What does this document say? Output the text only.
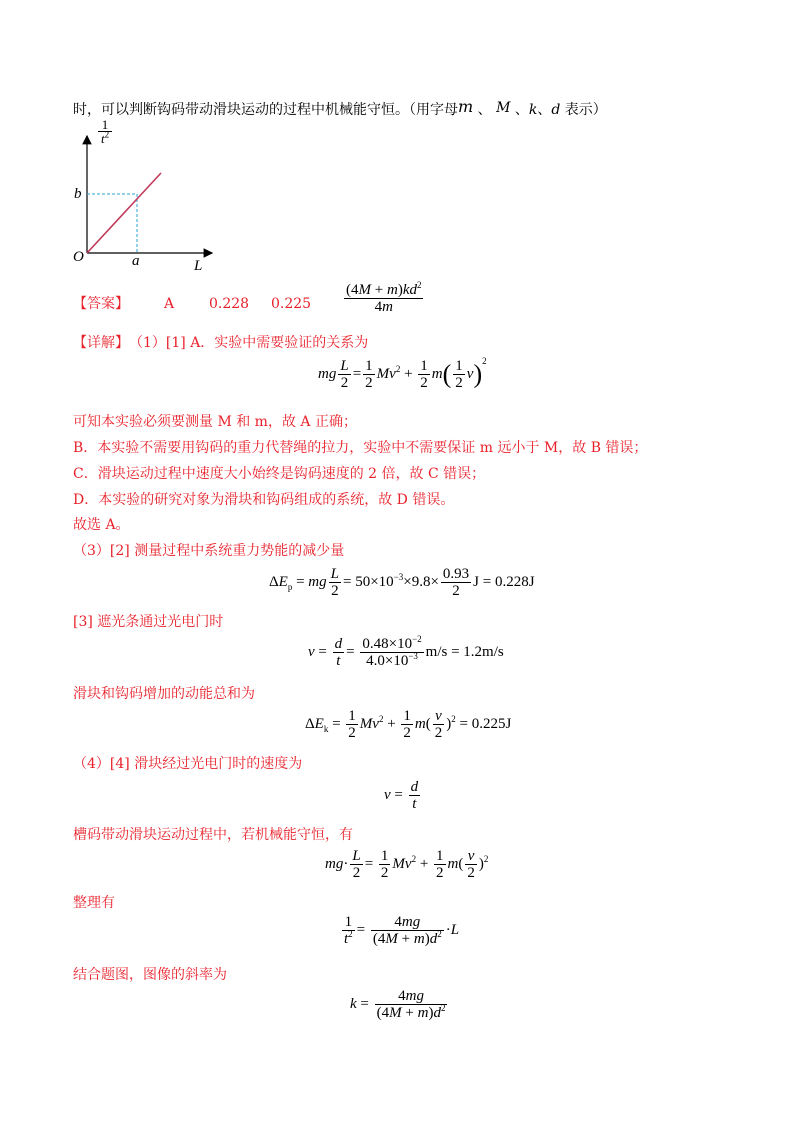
时，可以判断钩码带动滑块运动的过程中机械能守恒。（用字母m 、 M 、k、d 表示）
1
$t^2$
b
O	a	L
【答案】	A 0.228 $0.225 \frac{(4M + m)kd^2}{4m}$
【详解】 （1）[1] A．实验中需要验证的关系为
mg $\frac{L}{2} = \frac{1}{2} Mv^2 + \frac{1}{2} m( \frac{1}{2} v)^2$
可知本实验必须要测量 M 和 m，故 A 正确；
B．本实验不需要用钩码的重力代替绳的拉力，实验中不需要保证 m 远小于 M，故 B 错误；
C．滑块运动过程中速度大小始终是钩码速度的 2 倍，故 C 错误；
D．本实验的研究对象为滑块和钩码组成的系统，故 D 错误。
故选 A。
（3）[2] 测量过程中系统重力势能的减少量
$\Delta E_p$ = mg $\frac{L}{2} = 50\times 10^{-3}\times 9.8\times \frac{0.93}{2}$ J = 0.228J
[3] 遮光条通过光电门时
$v = \frac{d}{t} = \frac{0.48\times 10^{-2}}{4.0\times 10^{-3}} m/s = 1.2m/s$
滑块和钩码增加的动能总和为
$\Delta E_k = \frac{1}{2} Mv^2 + \frac{1}{2} m( \frac{v}{2} )^2 = 0.225J$
（4）[4] 滑块经过光电门时的速度为
$v = \frac{d}{t}$
槽码带动滑块运动过程中，若机械能守恒，有
$mg\cdot \frac{L}{2} = \frac{1}{2} Mv^2 + \frac{1}{2} m( \frac{v}{2} )^2$
整理有
$\frac{1}{t^2} = \frac{4mg}{(4M + m)d^2} \cdot L$
结合题图，图像的斜率为
$k = \frac{4mg}{(4M + m)d^2}$
